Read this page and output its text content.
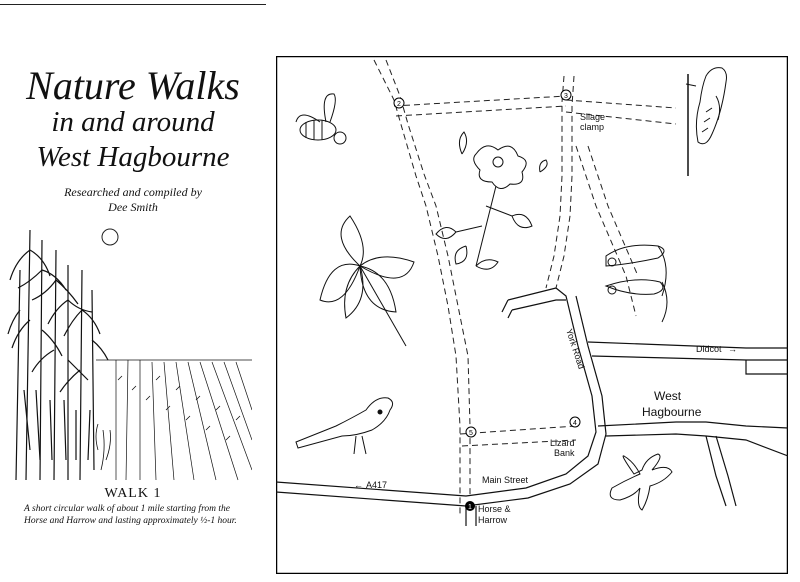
Nature Walks
in and around
West Hagbourne
Researched and compiled by
Dee Smith
WALK 1
A short circular walk of about 1 mile starting from the Horse and Harrow and lasting approximately ½-1 hour.
1
2
3
4
5
Silage
clamp
Didcot →
York Road
West
Hagbourne
Lizard
Bank
← A417	Main Street
Horse &
Harrow
